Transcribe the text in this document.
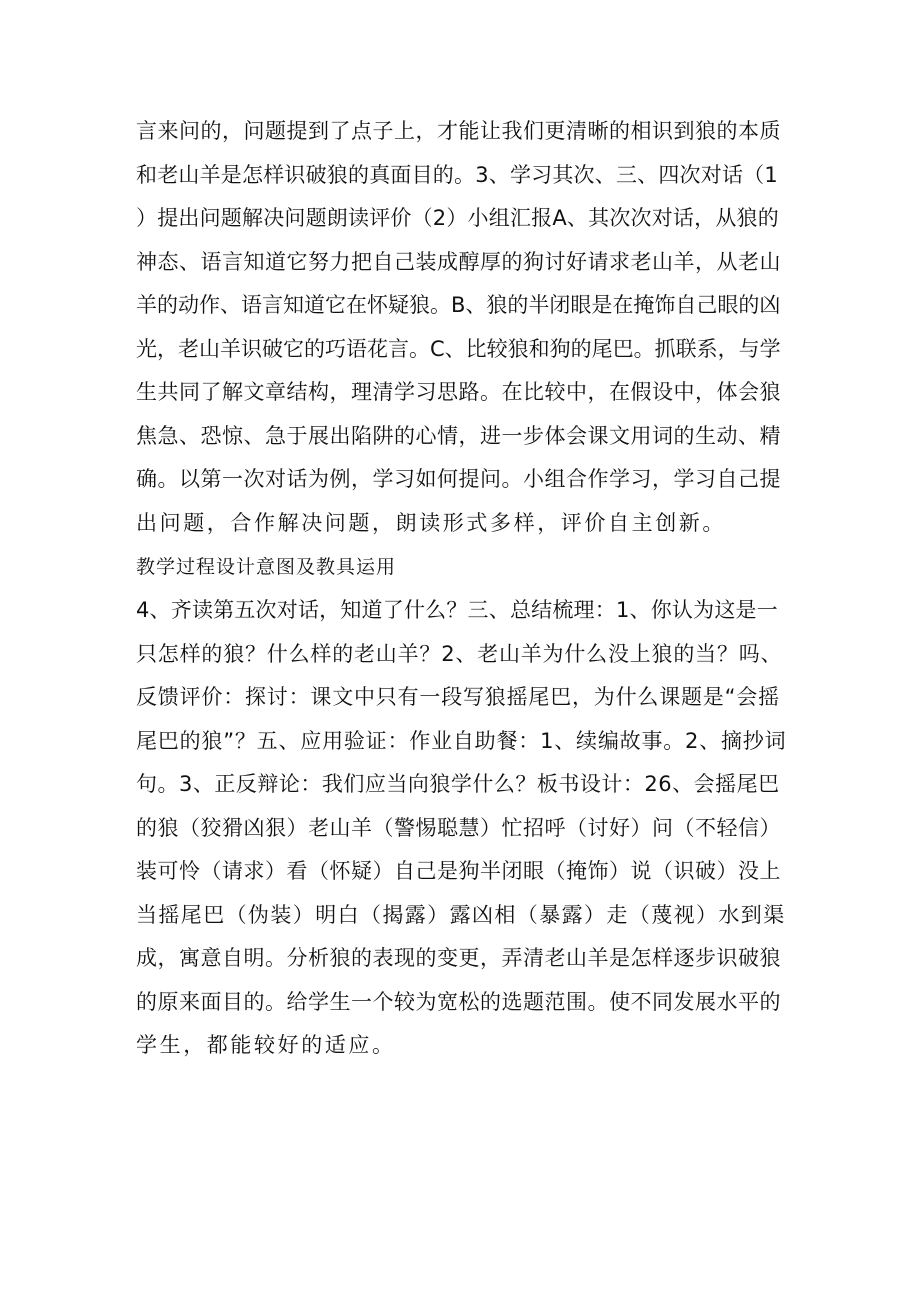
言来问的，问题提到了点子上，才能让我们更清晰的相识到狼的本质
和老山羊是怎样识破狼的真面目的。3、学习其次、三、四次对话（1
）提出问题解决问题朗读评价（2）小组汇报A、其次次对话，从狼的
神态、语言知道它努力把自己装成醇厚的狗讨好请求老山羊，从老山
羊的动作、语言知道它在怀疑狼。B、狼的半闭眼是在掩饰自己眼的凶
光，老山羊识破它的巧语花言。C、比较狼和狗的尾巴。抓联系，与学
生共同了解文章结构，理清学习思路。在比较中，在假设中，体会狼
焦急、恐惊、急于展出陷阱的心情，进一步体会课文用词的生动、精
确。以第一次对话为例，学习如何提问。小组合作学习，学习自己提
出问题，合作解决问题，朗读形式多样，评价自主创新。
教学过程设计意图及教具运用
4、齐读第五次对话，知道了什么？三、总结梳理：1、你认为这是一
只怎样的狼？什么样的老山羊？2、老山羊为什么没上狼的当？吗、
反馈评价：探讨：课文中只有一段写狼摇尾巴，为什么课题是“会摇
尾巴的狼”？五、应用验证：作业自助餐：1、续编故事。2、摘抄词
句。3、正反辩论：我们应当向狼学什么？板书设计：26、会摇尾巴
的狼（狡猾凶狠）老山羊（警惕聪慧）忙招呼（讨好）问（不轻信）
装可怜（请求）看（怀疑）自己是狗半闭眼（掩饰）说（识破）没上
当摇尾巴（伪装）明白（揭露）露凶相（暴露）走（蔑视）水到渠
成，寓意自明。分析狼的表现的变更，弄清老山羊是怎样逐步识破狼
的原来面目的。给学生一个较为宽松的选题范围。使不同发展水平的
学生，都能较好的适应。
